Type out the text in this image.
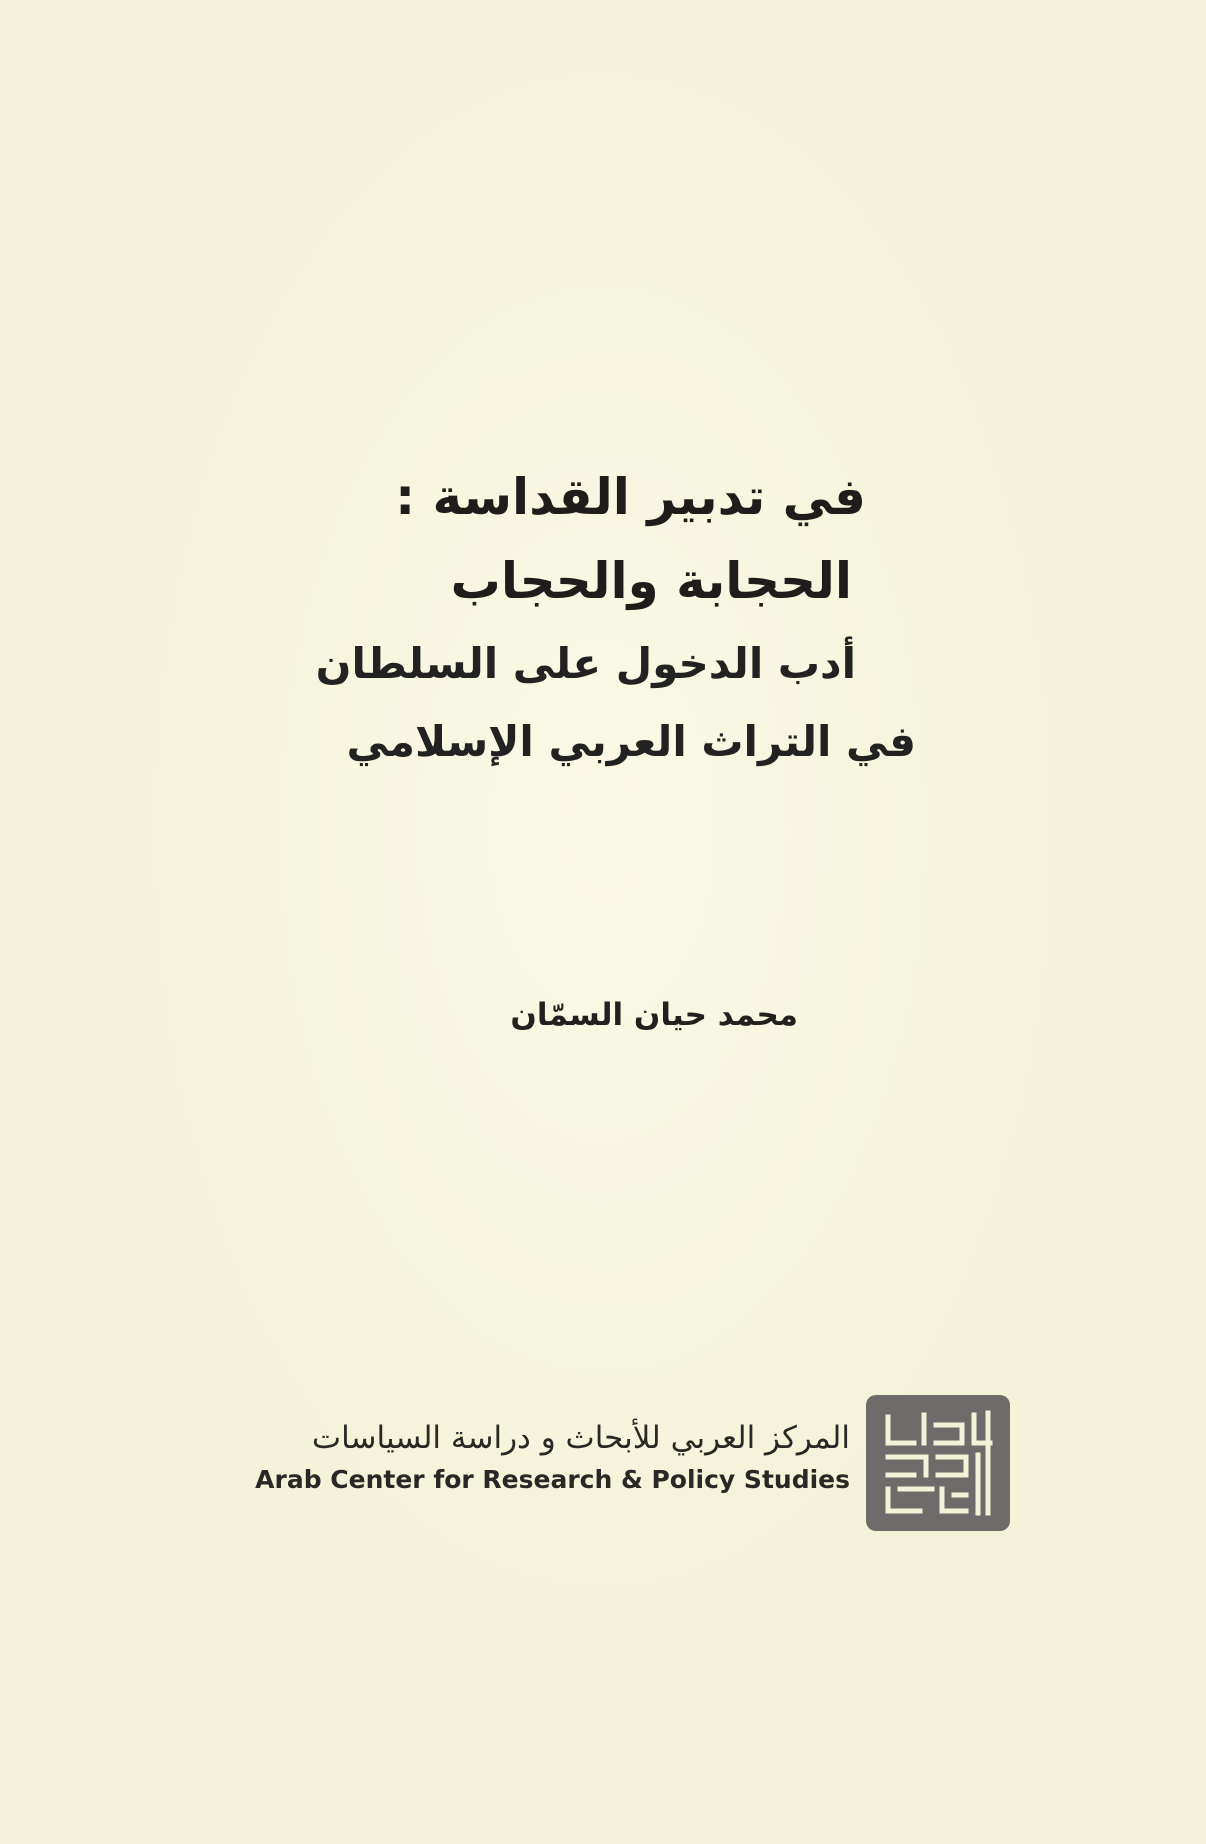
في تدبير القداسة :
الحجابة والحجاب
أدب الدخول على السلطان
في التراث العربي الإسلامي
محمد حيان السمّان
المركز العربي للأبحاث و دراسة السياسات
Arab Center for Research & Policy Studies
